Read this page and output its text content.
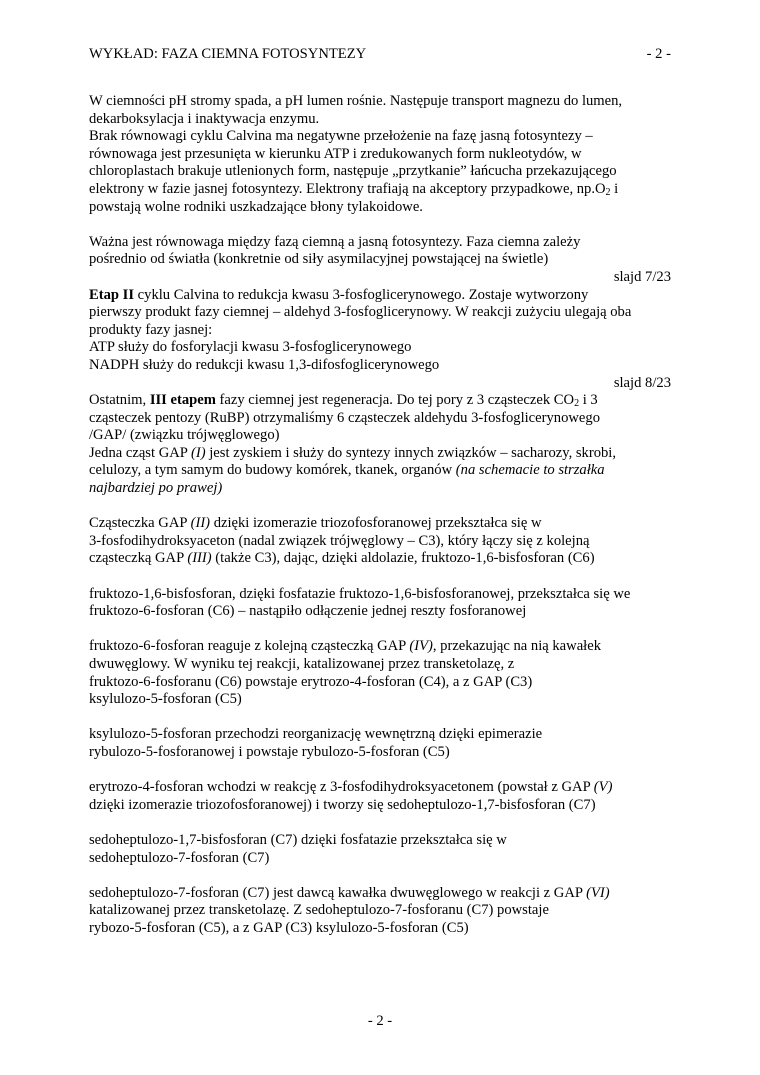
WYKŁAD: FAZA CIEMNA FOTOSYNTEZY	- 2 -

W ciemności pH stromy spada, a pH lumen rośnie. Następuje transport magnezu do lumen,
dekarboksylacja i inaktywacja enzymu.

Brak równowagi cyklu Calvina ma negatywne przełożenie na fazę jasną fotosyntezy –
równowaga jest przesunięta w kierunku ATP i zredukowanych form nukleotydów, w
chloroplastach brakuje utlenionych form, następuje „przytkanie” łańcucha przekazującego
elektrony w fazie jasnej fotosyntezy. Elektrony trafiają na akceptory przypadkowe, $np.O_2$ i
powstają wolne rodniki uszkadzające błony tylakoidowe.

Ważna jest równowaga między fazą ciemną a jasną fotosyntezy. Faza ciemna zależy
pośrednio od światła (konkretnie od siły asymilacyjnej powstającej na świetle)

slajd 7/23

Etap II cyklu Calvina to redukcja kwasu 3-fosfoglicerynowego. Zostaje wytworzony
pierwszy produkt fazy ciemnej – aldehyd 3-fosfoglicerynowy. W reakcji zużyciu ulegają oba
produkty fazy jasnej:
ATP służy do fosforylacji kwasu 3-fosfoglicerynowego
NADPH służy do redukcji kwasu 1,3-difosfoglicerynowego

slajd 8/23

Ostatnim, III etapem fazy ciemnej jest regeneracja. Do tej pory z 3 cząsteczek $CO_2$ i 3
cząsteczek pentozy (RuBP) otrzymaliśmy 6 cząsteczek aldehydu 3-fosfoglicerynowego
/GAP/ (związku trójwęglowego)

Jedna cząst GAP (I) jest zyskiem i służy do syntezy innych związków – sacharozy, skrobi,
celulozy, a tym samym do budowy komórek, tkanek, organów (na schemacie to strzałka
najbardziej po prawej)

Cząsteczka GAP (II) dzięki izomerazie triozofosforanowej przekształca się w
3-fosfodihydroksyaceton (nadal związek trójwęglowy – C3), który łączy się z kolejną
cząsteczką GAP (III) (także C3), dając, dzięki aldolazie, fruktozo-1,6-bisfosforan (C6)

fruktozo-1,6-bisfosforan, dzięki fosfatazie fruktozo-1,6-bisfosforanowej, przekształca się we
fruktozo-6-fosforan (C6) – nastąpiło odłączenie jednej reszty fosforanowej

fruktozo-6-fosforan reaguje z kolejną cząsteczką GAP (IV), przekazując na nią kawałek
dwuwęglowy. W wyniku tej reakcji, katalizowanej przez transketolazę, z
fruktozo-6-fosforanu (C6) powstaje erytrozo-4-fosforan (C4), a z GAP (C3)
ksylulozo-5-fosforan (C5)

ksylulozo-5-fosforan przechodzi reorganizację wewnętrzną dzięki epimerazie
rybulozo-5-fosforanowej i powstaje rybulozo-5-fosforan (C5)

erytrozo-4-fosforan wchodzi w reakcję z 3-fosfodihydroksyacetonem (powstał z GAP (V)
dzięki izomerazie triozofosforanowej) i tworzy się sedoheptulozo-1,7-bisfosforan (C7)

sedoheptulozo-1,7-bisfosforan (C7) dzięki fosfatazie przekształca się w
sedoheptulozo-7-fosforan (C7)

sedoheptulozo-7-fosforan (C7) jest dawcą kawałka dwuwęglowego w reakcji z GAP (VI)
katalizowanej przez transketolazę. Z sedoheptulozo-7-fosforanu (C7) powstaje
rybozo-5-fosforan (C5), a z GAP (C3) ksylulozo-5-fosforan (C5)

- 2 -
